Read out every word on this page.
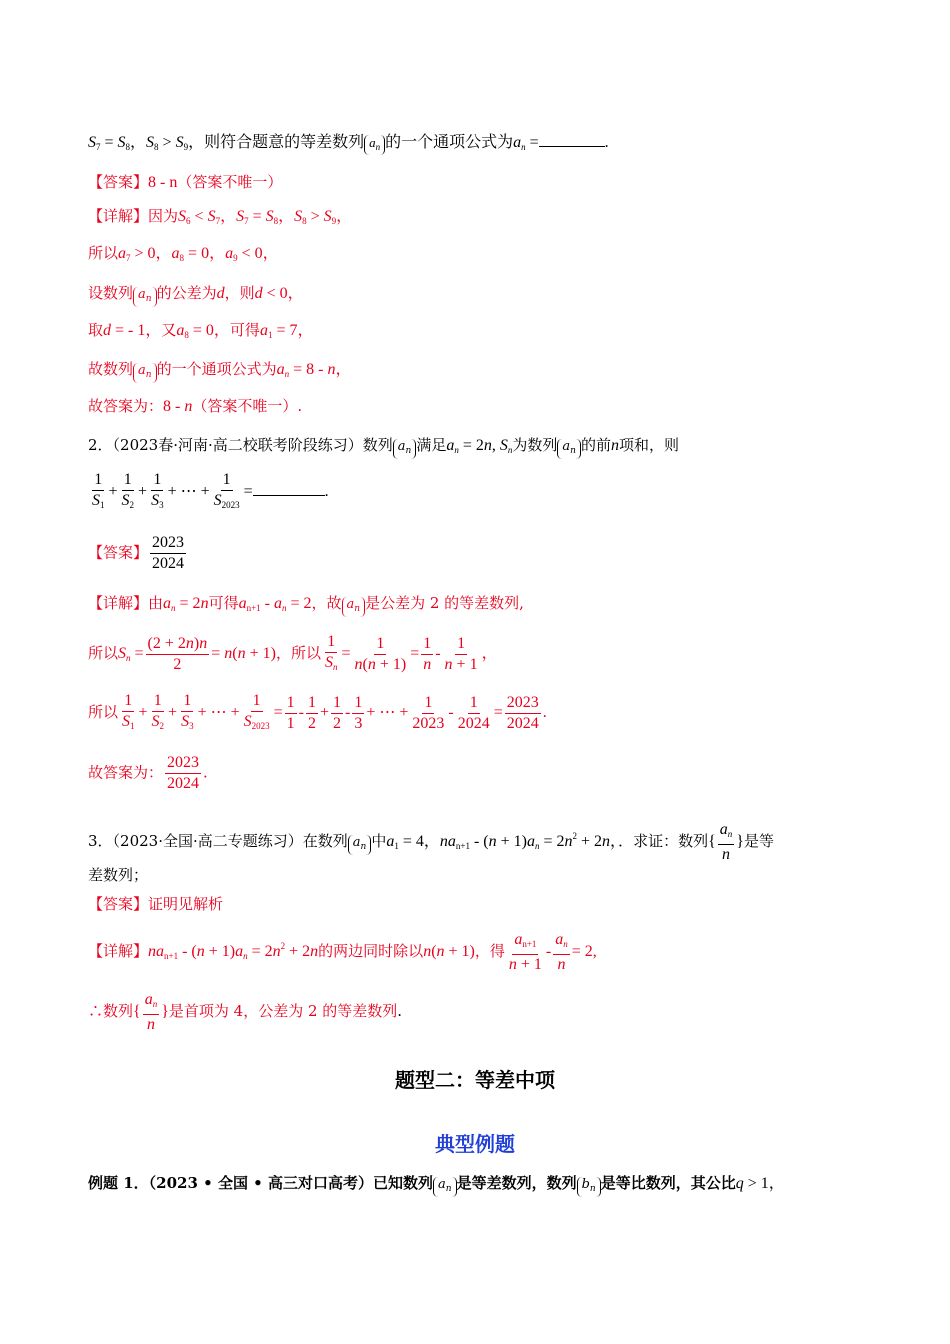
$S_7 = S_8$，$S_8 > S_9$，则符合题意的等差数列 $a_n$ 的一个通项公式为$a_n$ =	.
【答案】8 - n（答案不唯一）
【详解】因为$S_6 < S_7$，$S_7 = S_8$，$S_8 > S_9$，
所以$a_7 > 0$，$a_8 = 0$，$a_9 < 0$，
设数列 $a_n$ 的公差为d，则d < 0，
取d = - 1，又$a_8 = 0$，可得$a_1 = 7$，
故数列 $a_n$ 的一个通项公式为$a_n = 8 - n$，
故答案为：8 - n（答案不唯一）.
2．（2023春·河南·高二校联考阶段练习）数列 $a_n$ 满足$a_n = 2n$, $S_n$为数列 $a_n$ 的前n项和，则
$\frac{1}{S_1} + \frac{1}{S_2} + \frac{1}{S_3}$ + ⋯ + $\frac{1}{S_{2023}}$ =	.
【答案】 $\frac{2023}{2024}$
【详解】由$a_n = 2n$可得$a_{n+1} - a_n = 2$，故 $a_n$ 是公差为 2 的等差数列,
所以$S_n = \frac{(2 + 2n)n}{2} = n(n + 1)$，所以 $\frac{1}{S_n} = \frac{1}{n(n + 1)} = \frac{1}{n} - \frac{1}{n + 1}$ ，
所以 $\frac{1}{S_1} + \frac{1}{S_2} + \frac{1}{S_3}$ + ⋯ + $\frac{1}{S_{2023}} = \frac{1}{1} - \frac{1}{2} + \frac{1}{2} - \frac{1}{3}$ + ⋯ + $\frac{1}{2023} - \frac{1}{2024} = \frac{2023}{2024}$ .
故答案为： $\frac{2023}{2024}$ .
3．（2023·全国·高二专题练习）在数列 $a_n$ 中$a_1 = 4$，$na_{n+1} - (n + 1)a_n = 2n^2 + 2n$，．求证：数列{ $\frac{a_n}{n}$ }是等
差数列；
【答案】证明见解析
【详解】$na_{n+1} - (n + 1)a_n = 2n^2 + 2n$的两边同时除以n(n + 1)，得 $\frac{a_{n+1}}{n + 1} - \frac{a_n}{n} = 2$,
∴数列{ $\frac{a_n}{n}$ }是首项为 4，公差为 2 的等差数列.
题型二：等差中项
典型例题
例题 1．（2023 • 全国 • 高三对口高考）已知数列 $a_n$ 是等差数列，数列 $b_n$ 是等比数列，其公比q > 1，
